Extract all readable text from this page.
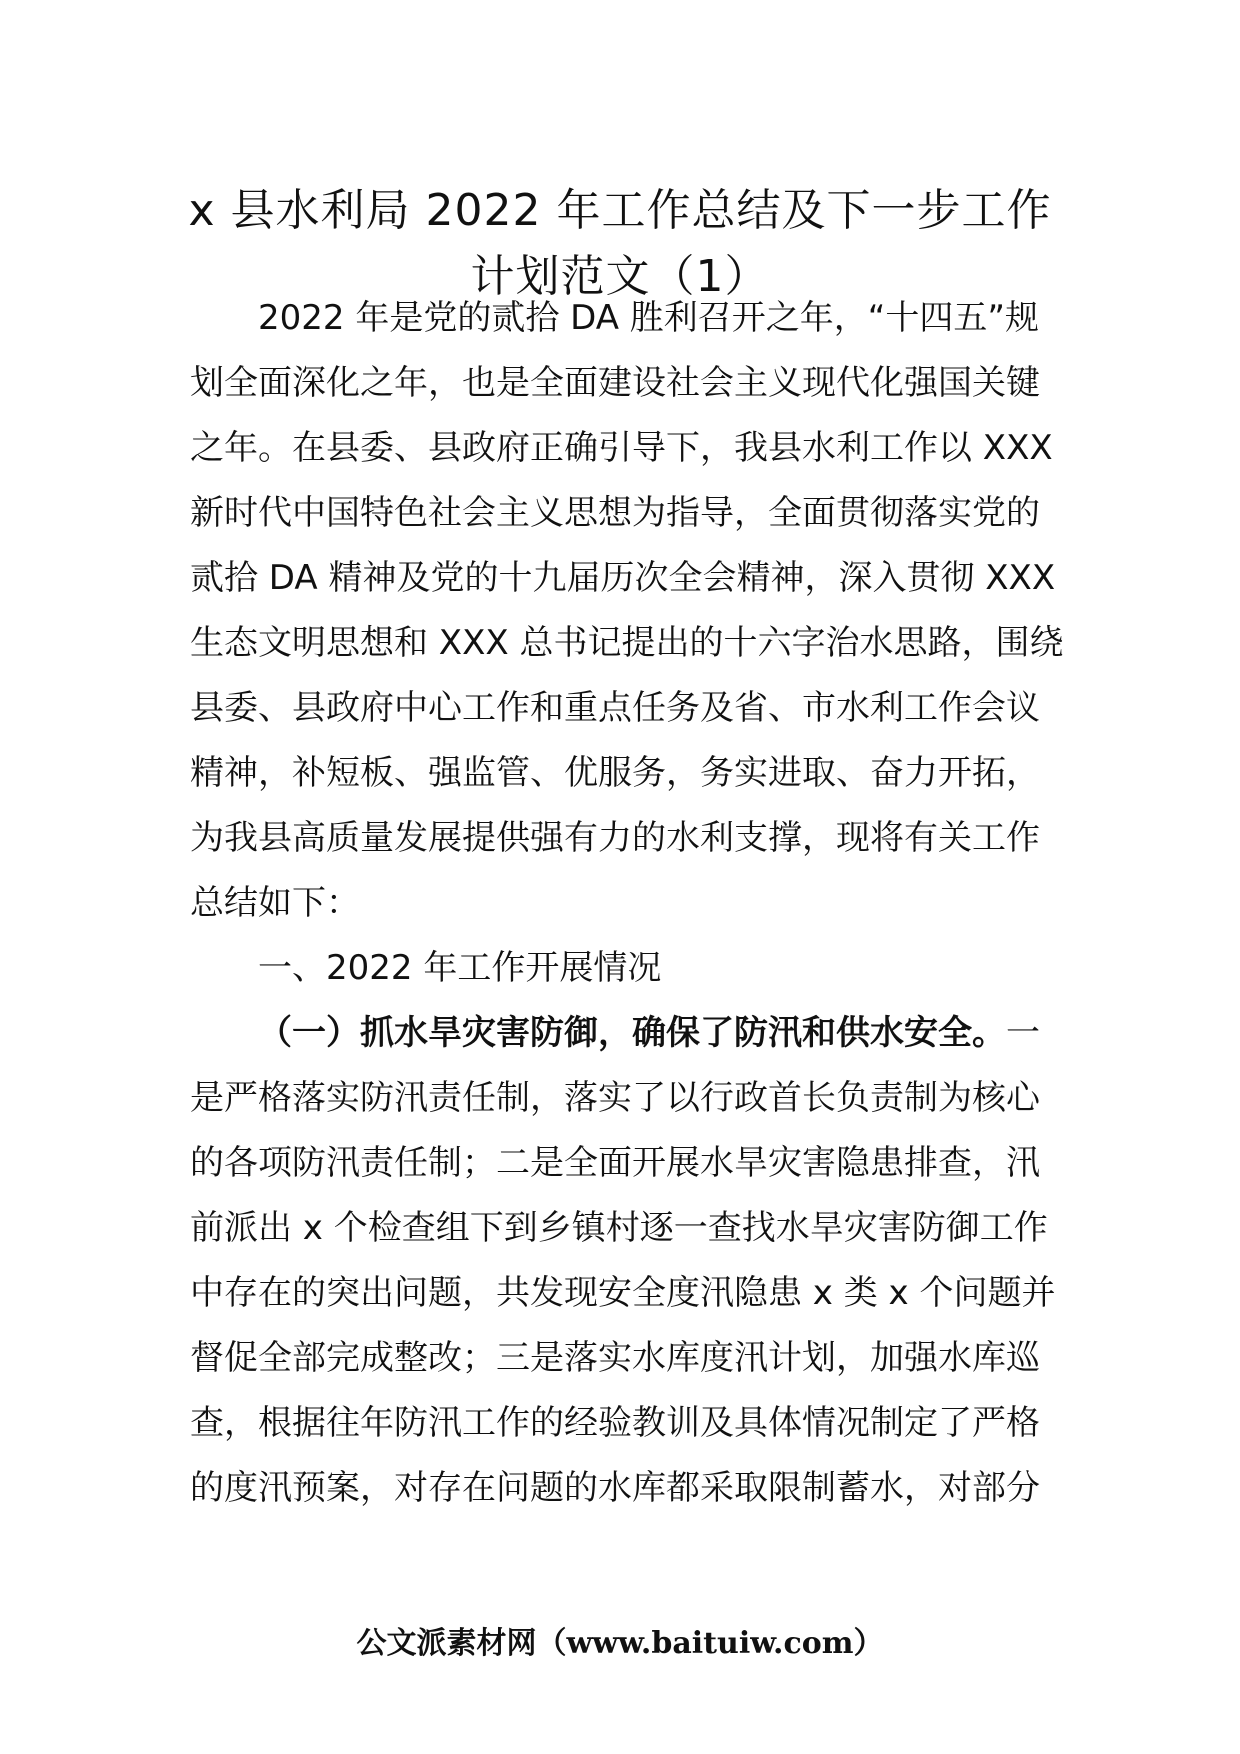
x 县水利局 2022 年工作总结及下一步工作
计划范文（1）
2022 年是党的贰拾 DA 胜利召开之年，“十四五”规
划全面深化之年，也是全面建设社会主义现代化强国关键
之年。在县委、县政府正确引导下，我县水利工作以 XXX
新时代中国特色社会主义思想为指导，全面贯彻落实党的
贰拾 DA 精神及党的十九届历次全会精神，深入贯彻 XXX
生态文明思想和 XXX 总书记提出的十六字治水思路，围绕
县委、县政府中心工作和重点任务及省、市水利工作会议
精神，补短板、强监管、优服务，务实进取、奋力开拓，
为我县高质量发展提供强有力的水利支撑，现将有关工作
总结如下：
一、2022 年工作开展情况
（一）抓水旱灾害防御，确保了防汛和供水安全。一
是严格落实防汛责任制，落实了以行政首长负责制为核心
的各项防汛责任制；二是全面开展水旱灾害隐患排查，汛
前派出 x 个检查组下到乡镇村逐一查找水旱灾害防御工作
中存在的突出问题，共发现安全度汛隐患 x 类 x 个问题并
督促全部完成整改；三是落实水库度汛计划，加强水库巡
查，根据往年防汛工作的经验教训及具体情况制定了严格
的度汛预案，对存在问题的水库都采取限制蓄水，对部分
公文派素材网（www.baituiw.com）
